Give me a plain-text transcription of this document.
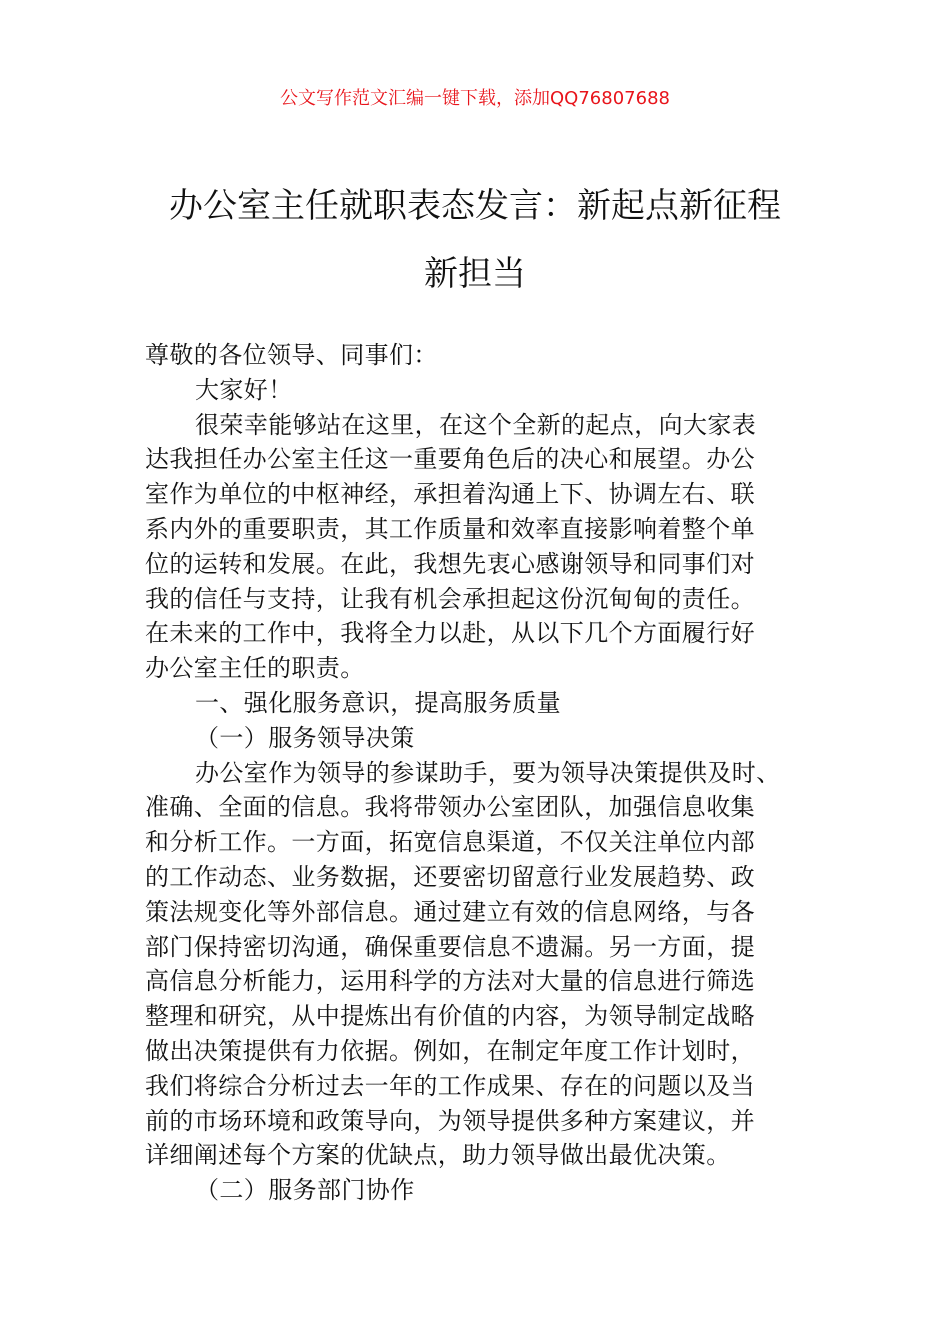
公文写作范文汇编一键下载，添加QQ76807688
办公室主任就职表态发言：新起点新征程
新担当
尊敬的各位领导、同事们：
大家好！
很荣幸能够站在这里，在这个全新的起点，向大家表
达我担任办公室主任这一重要角色后的决心和展望。办公
室作为单位的中枢神经，承担着沟通上下、协调左右、联
系内外的重要职责，其工作质量和效率直接影响着整个单
位的运转和发展。在此，我想先衷心感谢领导和同事们对
我的信任与支持，让我有机会承担起这份沉甸甸的责任。
在未来的工作中，我将全力以赴，从以下几个方面履行好
办公室主任的职责。
一、强化服务意识，提高服务质量
（一）服务领导决策
办公室作为领导的参谋助手，要为领导决策提供及时、
准确、全面的信息。我将带领办公室团队，加强信息收集
和分析工作。一方面，拓宽信息渠道，不仅关注单位内部
的工作动态、业务数据，还要密切留意行业发展趋势、政
策法规变化等外部信息。通过建立有效的信息网络，与各
部门保持密切沟通，确保重要信息不遗漏。另一方面，提
高信息分析能力，运用科学的方法对大量的信息进行筛选
整理和研究，从中提炼出有价值的内容，为领导制定战略
做出决策提供有力依据。例如，在制定年度工作计划时，
我们将综合分析过去一年的工作成果、存在的问题以及当
前的市场环境和政策导向，为领导提供多种方案建议，并
详细阐述每个方案的优缺点，助力领导做出最优决策。
（二）服务部门协作
